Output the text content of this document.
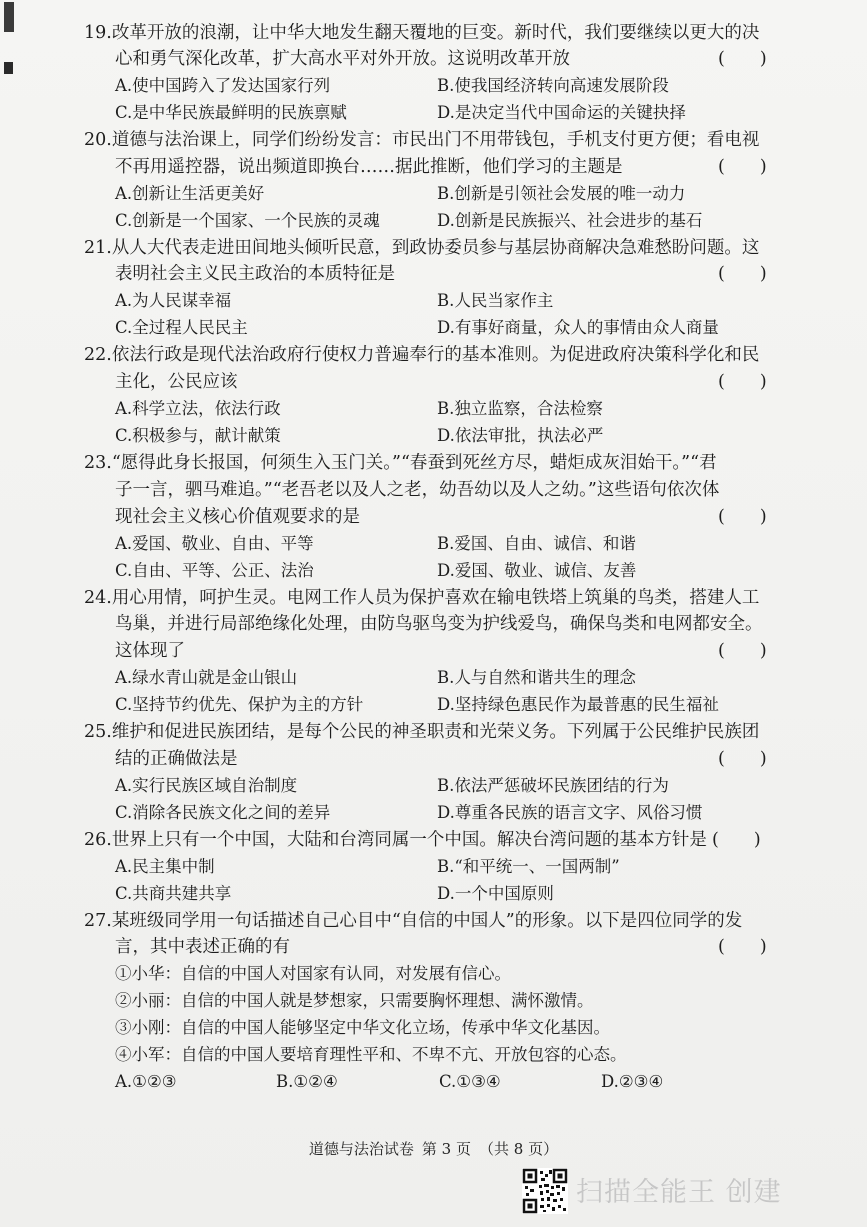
19.改革开放的浪潮，让中华大地发生翻天覆地的巨变。新时代，我们要继续以更大的决
心和勇气深化改革，扩大高水平对外开放。这说明改革开放	(　　)
A.使中国跨入了发达国家行列	B.使我国经济转向高速发展阶段
C.是中华民族最鲜明的民族禀赋	D.是决定当代中国命运的关键抉择
20.道德与法治课上，同学们纷纷发言：市民出门不用带钱包，手机支付更方便；看电视
不再用遥控器，说出频道即换台……据此推断，他们学习的主题是	(　　)
A.创新让生活更美好	B.创新是引领社会发展的唯一动力
C.创新是一个国家、一个民族的灵魂	D.创新是民族振兴、社会进步的基石
21.从人大代表走进田间地头倾听民意，到政协委员参与基层协商解决急难愁盼问题。这
表明社会主义民主政治的本质特征是	(　　)
A.为人民谋幸福	B.人民当家作主
C.全过程人民民主	D.有事好商量，众人的事情由众人商量
22.依法行政是现代法治政府行使权力普遍奉行的基本准则。为促进政府决策科学化和民
主化，公民应该	(　　)
A.科学立法，依法行政	B.独立监察，合法检察
C.积极参与，献计献策	D.依法审批，执法必严
23.“愿得此身长报国，何须生入玉门关。”“春蚕到死丝方尽，蜡炬成灰泪始干。”“君
子一言，驷马难追。”“老吾老以及人之老，幼吾幼以及人之幼。”这些语句依次体
现社会主义核心价值观要求的是	(　　)
A.爱国、敬业、自由、平等	B.爱国、自由、诚信、和谐
C.自由、平等、公正、法治	D.爱国、敬业、诚信、友善
24.用心用情，呵护生灵。电网工作人员为保护喜欢在输电铁塔上筑巢的鸟类，搭建人工
鸟巢，并进行局部绝缘化处理，由防鸟驱鸟变为护线爱鸟，确保鸟类和电网都安全。
这体现了	(　　)
A.绿水青山就是金山银山	B.人与自然和谐共生的理念
C.坚持节约优先、保护为主的方针	D.坚持绿色惠民作为最普惠的民生福祉
25.维护和促进民族团结，是每个公民的神圣职责和光荣义务。下列属于公民维护民族团
结的正确做法是	(　　)
A.实行民族区域自治制度	B.依法严惩破坏民族团结的行为
C.消除各民族文化之间的差异	D.尊重各民族的语言文字、风俗习惯
26.世界上只有一个中国，大陆和台湾同属一个中国。解决台湾问题的基本方针是 (　　)
A.民主集中制	B.“和平统一、一国两制”
C.共商共建共享	D.一个中国原则
27.某班级同学用一句话描述自己心目中“自信的中国人”的形象。以下是四位同学的发
言，其中表述正确的有	(　　)
①小华：自信的中国人对国家有认同，对发展有信心。
②小丽：自信的中国人就是梦想家，只需要胸怀理想、满怀激情。
③小刚：自信的中国人能够坚定中华文化立场，传承中华文化基因。
④小军：自信的中国人要培育理性平和、不卑不亢、开放包容的心态。
A.①②③	B.①②④	C.①③④	D.②③④
道德与法治试卷 第 3 页 （共 8 页）
扫描全能王 创建
